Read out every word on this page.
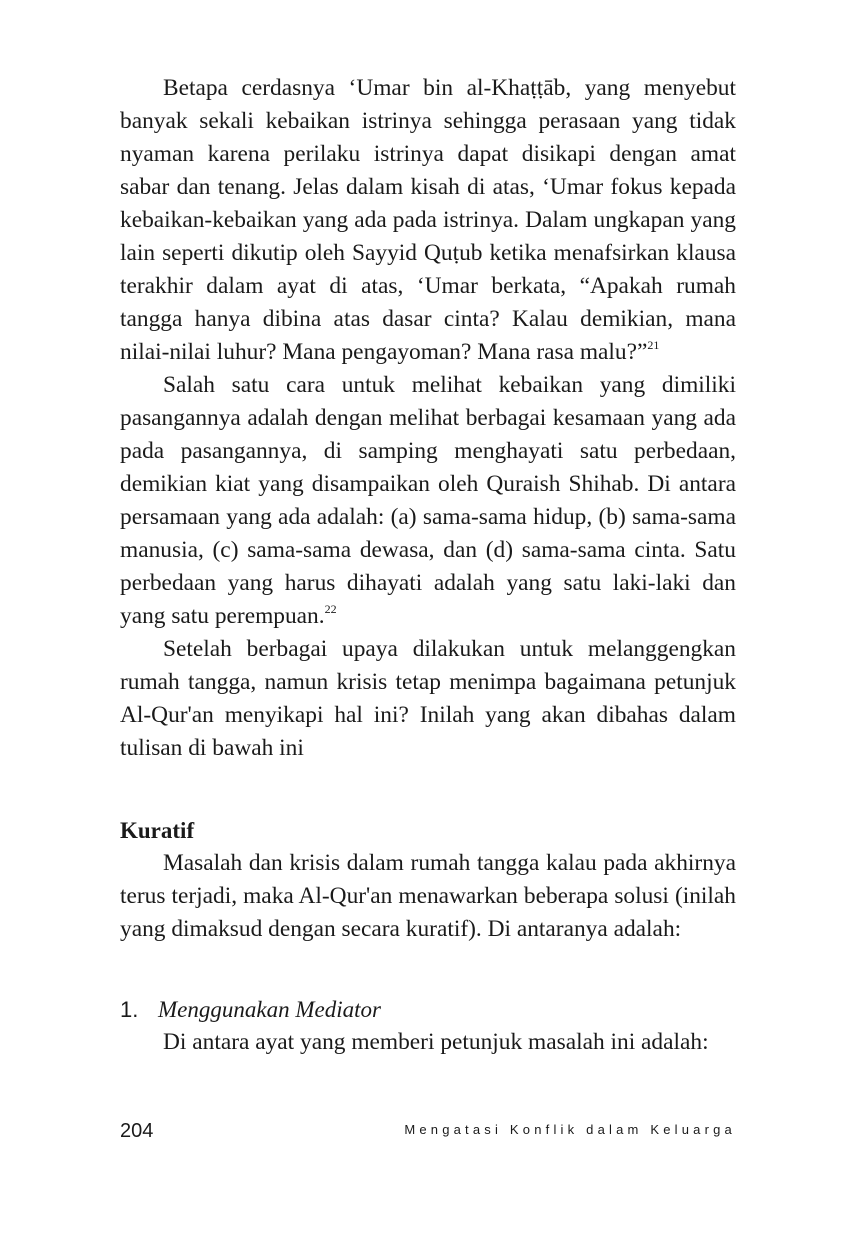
Betapa cerdasnya ‘Umar bin al-Khaṭṭāb, yang menyebut banyak sekali kebaikan istrinya sehingga perasaan yang tidak nyaman karena perilaku istrinya dapat disikapi dengan amat sabar dan tenang. Jelas dalam kisah di atas, ‘Umar fokus kepada kebaikan-kebaikan yang ada pada istrinya. Dalam ungkapan yang lain seperti dikutip oleh Sayyid Quṭub ketika menafsirkan klausa terakhir dalam ayat di atas, ‘Umar berkata, “Apakah rumah tangga hanya dibina atas dasar cinta? Kalau demikian, mana nilai-nilai luhur? Mana pengayoman? Mana rasa malu?”$^{21}$

Salah satu cara untuk melihat kebaikan yang dimiliki pasangannya adalah dengan melihat berbagai kesamaan yang ada pada pasangannya, di samping menghayati satu perbedaan, demikian kiat yang disampaikan oleh Quraish Shihab. Di antara persamaan yang ada adalah: (a) sama-sama hidup, (b) sama-sama manusia, (c) sama-sama dewasa, dan (d) sama-sama cinta. Satu perbedaan yang harus dihayati adalah yang satu laki-laki dan yang satu perempuan.$^{22}$

Setelah berbagai upaya dilakukan untuk melanggengkan rumah tangga, namun krisis tetap menimpa bagaimana petunjuk Al-Qur'an menyikapi hal ini? Inilah yang akan dibahas dalam tulisan di bawah ini

Kuratif

Masalah dan krisis dalam rumah tangga kalau pada akhirnya terus terjadi, maka Al-Qur'an menawarkan beberapa solusi (inilah yang dimaksud dengan secara kuratif). Di antaranya adalah:

1. Menggunakan Mediator

Di antara ayat yang memberi petunjuk masalah ini adalah:

204	Mengatasi Konflik dalam Keluarga
